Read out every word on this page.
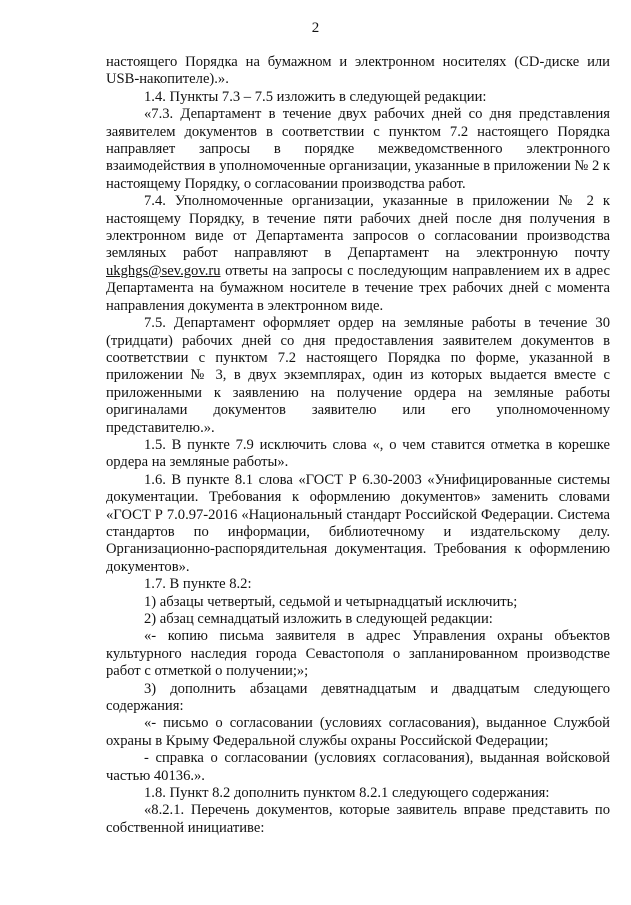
2

настоящего Порядка на бумажном и электронном носителях (CD-диске или USB-накопителе).».

1.4. Пункты 7.3 – 7.5 изложить в следующей редакции:

«7.3. Департамент в течение двух рабочих дней со дня представления заявителем документов в соответствии с пунктом 7.2 настоящего Порядка направляет запросы в порядке межведомственного электронного взаимодействия в уполномоченные организации, указанные в приложении № 2 к настоящему Порядку, о согласовании производства работ.

7.4. Уполномоченные организации, указанные в приложении № 2 к настоящему Порядку, в течение пяти рабочих дней после дня получения в электронном виде от Департамента запросов о согласовании производства земляных работ направляют в Департамент на электронную почту ukghgs@sev.gov.ru ответы на запросы с последующим направлением их в адрес Департамента на бумажном носителе в течение трех рабочих дней с момента направления документа в электронном виде.

7.5. Департамент оформляет ордер на земляные работы в течение 30 (тридцати) рабочих дней со дня предоставления заявителем документов в соответствии с пунктом 7.2 настоящего Порядка по форме, указанной в приложении № 3, в двух экземплярах, один из которых выдается вместе с приложенными к заявлению на получение ордера на земляные работы оригиналами документов заявителю или его уполномоченному представителю.».

1.5. В пункте 7.9 исключить слова «, о чем ставится отметка в корешке ордера на земляные работы».

1.6. В пункте 8.1 слова «ГОСТ Р 6.30-2003 «Унифицированные системы документации. Требования к оформлению документов» заменить словами «ГОСТ Р 7.0.97-2016 «Национальный стандарт Российской Федерации. Система стандартов по информации, библиотечному и издательскому делу. Организационно-распорядительная документация. Требования к оформлению документов».

1.7. В пункте 8.2:

1) абзацы четвертый, седьмой и четырнадцатый исключить;

2) абзац семнадцатый изложить в следующей редакции:

«- копию письма заявителя в адрес Управления охраны объектов культурного наследия города Севастополя о запланированном производстве работ с отметкой о получении;»;

3) дополнить абзацами девятнадцатым и двадцатым следующего содержания:

«- письмо о согласовании (условиях согласования), выданное Службой охраны в Крыму Федеральной службы охраны Российской Федерации;

- справка о согласовании (условиях согласования), выданная войсковой частью 40136.».

1.8. Пункт 8.2 дополнить пунктом 8.2.1 следующего содержания:

«8.2.1. Перечень документов, которые заявитель вправе представить по собственной инициативе:
